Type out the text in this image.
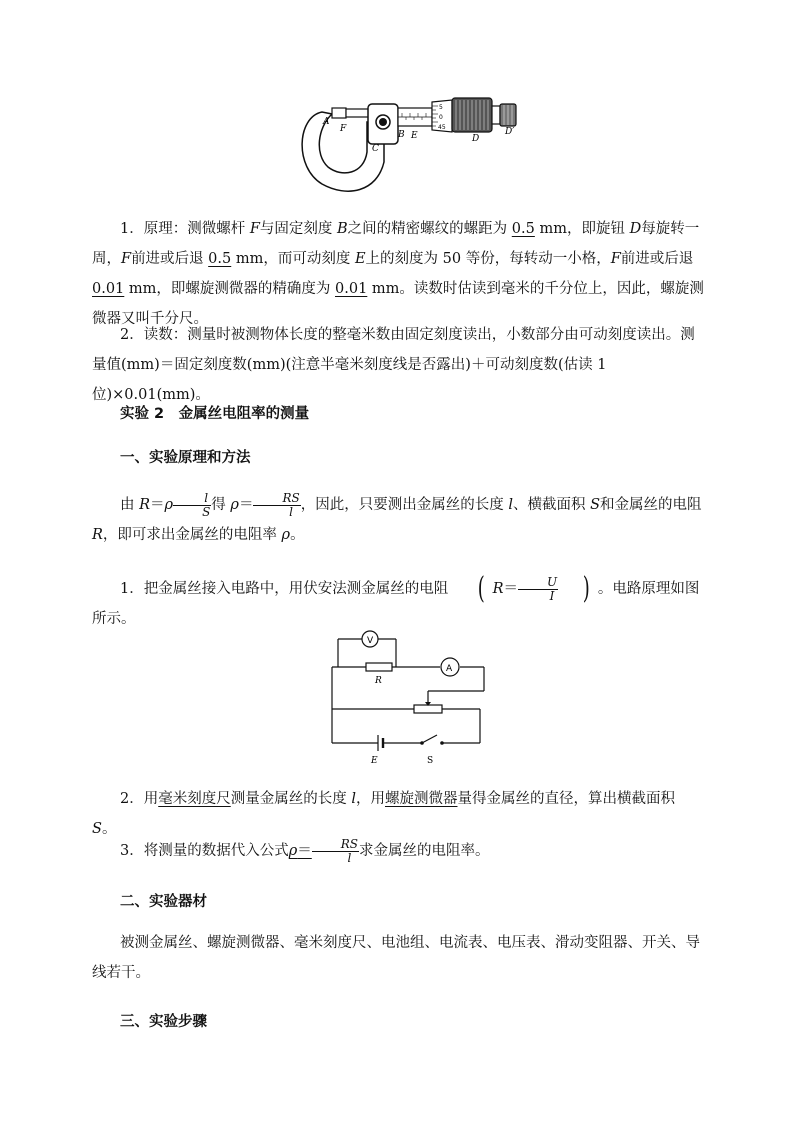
A
F
C
B E	D
D′
5
0
45
1．原理：测微螺杆 F与固定刻度 B之间的精密螺纹的螺距为 0.5 mm，即旋钮 D每旋转一周，F前进或后退 0.5 mm，而可动刻度 E上的刻度为 50 等份，每转动一小格，F前进或后退 0.01 mm，即螺旋测微器的精确度为 0.01 mm。读数时估读到毫米的千分位上，因此，螺旋测微器又叫千分尺。
2．读数：测量时被测物体长度的整毫米数由固定刻度读出，小数部分由可动刻度读出。测量值(mm)＝固定刻度数(mm)(注意半毫米刻度线是否露出)＋可动刻度数(估读 1 位)×0.01(mm)。
实验 2　金属丝电阻率的测量
一、实验原理和方法
由 $R=\rho \frac{l}{S}$ 得 $\rho= \frac{RS}{l}$ ，因此，只要测出金属丝的长度 l、横截面积 S和金属丝的电阻 R，即可求出金属丝的电阻率 ρ。
1．把金属丝接入电路中，用伏安法测金属丝的电阻 ( $R= \frac{U}{I}$ ) 。电路原理如图所示。
V
A
R
E	S
2．用毫米刻度尺测量金属丝的长度 l，用螺旋测微器量得金属丝的直径，算出横截面积 S。
3．将测量的数据代入公式$\rho= \frac{RS}{l}$ 求金属丝的电阻率。
二、实验器材
被测金属丝、螺旋测微器、毫米刻度尺、电池组、电流表、电压表、滑动变阻器、开关、导线若干。
三、实验步骤
